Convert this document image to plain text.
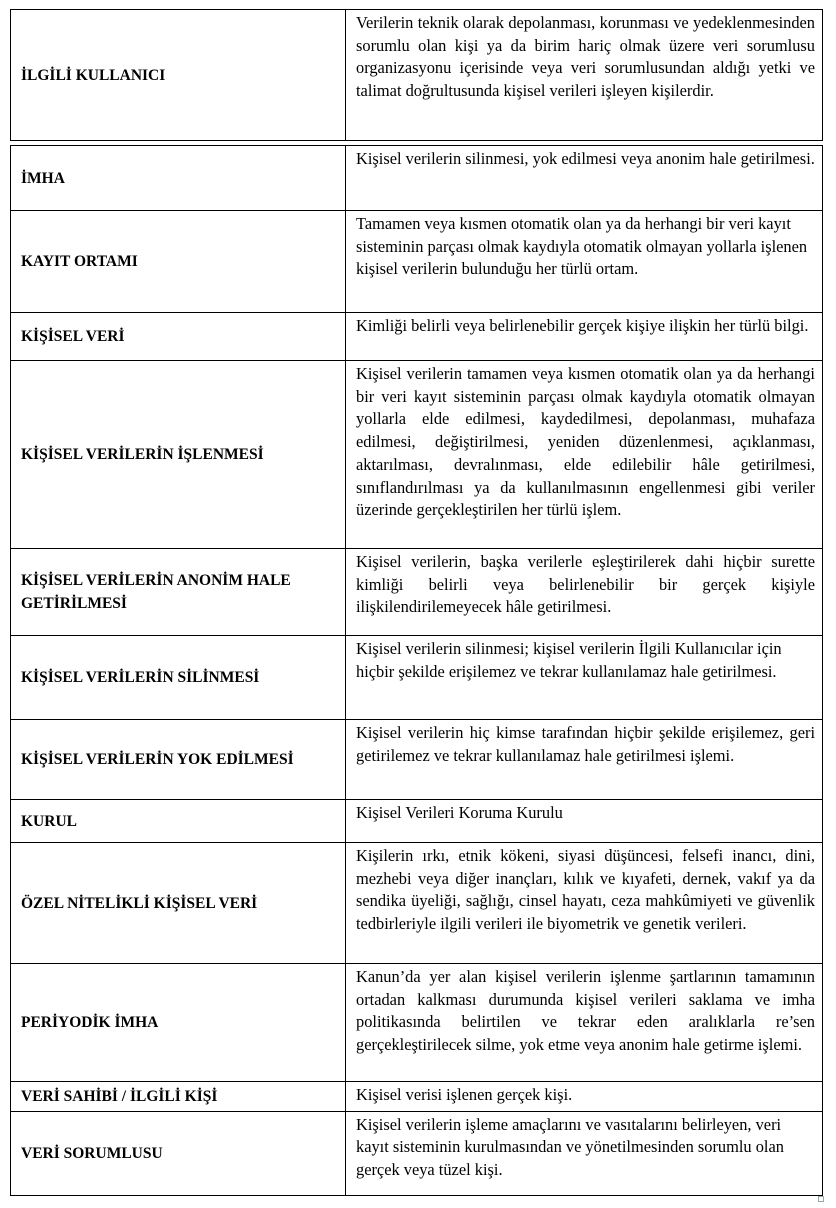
İLGİLİ KULLANICI	Verilerin teknik olarak depolanması, korunması ve yedeklenmesinden sorumlu olan kişi ya da birim hariç olmak üzere veri sorumlusu organizasyonu içerisinde veya veri sorumlusundan aldığı yetki ve talimat doğrultusunda kişisel verileri işleyen kişilerdir.
İMHA	Kişisel verilerin silinmesi, yok edilmesi veya anonim hale getirilmesi.
KAYIT ORTAMI	Tamamen veya kısmen otomatik olan ya da herhangi bir veri kayıt sisteminin parçası olmak kaydıyla otomatik olmayan yollarla işlenen kişisel verilerin bulunduğu her türlü ortam.
KİŞİSEL VERİ	Kimliği belirli veya belirlenebilir gerçek kişiye ilişkin her türlü bilgi.
KİŞİSEL VERİLERİN İŞLENMESİ	Kişisel verilerin tamamen veya kısmen otomatik olan ya da herhangi bir veri kayıt sisteminin parçası olmak kaydıyla otomatik olmayan yollarla elde edilmesi, kaydedilmesi, depolanması, muhafaza edilmesi, değiştirilmesi, yeniden düzenlenmesi, açıklanması, aktarılması, devralınması, elde edilebilir hâle getirilmesi, sınıflandırılması ya da kullanılmasının engellenmesi gibi veriler üzerinde gerçekleştirilen her türlü işlem.
KİŞİSEL VERİLERİN ANONİM HALE GETİRİLMESİ	Kişisel verilerin, başka verilerle eşleştirilerek dahi hiçbir surette kimliği belirli veya belirlenebilir bir gerçek kişiyle ilişkilendirilemeyecek hâle getirilmesi.
KİŞİSEL VERİLERİN SİLİNMESİ	Kişisel verilerin silinmesi; kişisel verilerin İlgili Kullanıcılar için hiçbir şekilde erişilemez ve tekrar kullanılamaz hale getirilmesi.
KİŞİSEL VERİLERİN YOK EDİLMESİ	Kişisel verilerin hiç kimse tarafından hiçbir şekilde erişilemez, geri getirilemez ve tekrar kullanılamaz hale getirilmesi işlemi.
KURUL	Kişisel Verileri Koruma Kurulu
ÖZEL NİTELİKLİ KİŞİSEL VERİ	Kişilerin ırkı, etnik kökeni, siyasi düşüncesi, felsefi inancı, dini, mezhebi veya diğer inançları, kılık ve kıyafeti, dernek, vakıf ya da sendika üyeliği, sağlığı, cinsel hayatı, ceza mahkûmiyeti ve güvenlik tedbirleriyle ilgili verileri ile biyometrik ve genetik verileri.
PERİYODİK İMHA	Kanun’da yer alan kişisel verilerin işlenme şartlarının tamamının ortadan kalkması durumunda kişisel verileri saklama ve imha politikasında belirtilen ve tekrar eden aralıklarla re’sen gerçekleştirilecek silme, yok etme veya anonim hale getirme işlemi.
VERİ SAHİBİ / İLGİLİ KİŞİ	Kişisel verisi işlenen gerçek kişi.
VERİ SORUMLUSU	Kişisel verilerin işleme amaçlarını ve vasıtalarını belirleyen, veri kayıt sisteminin kurulmasından ve yönetilmesinden sorumlu olan gerçek veya tüzel kişi.
